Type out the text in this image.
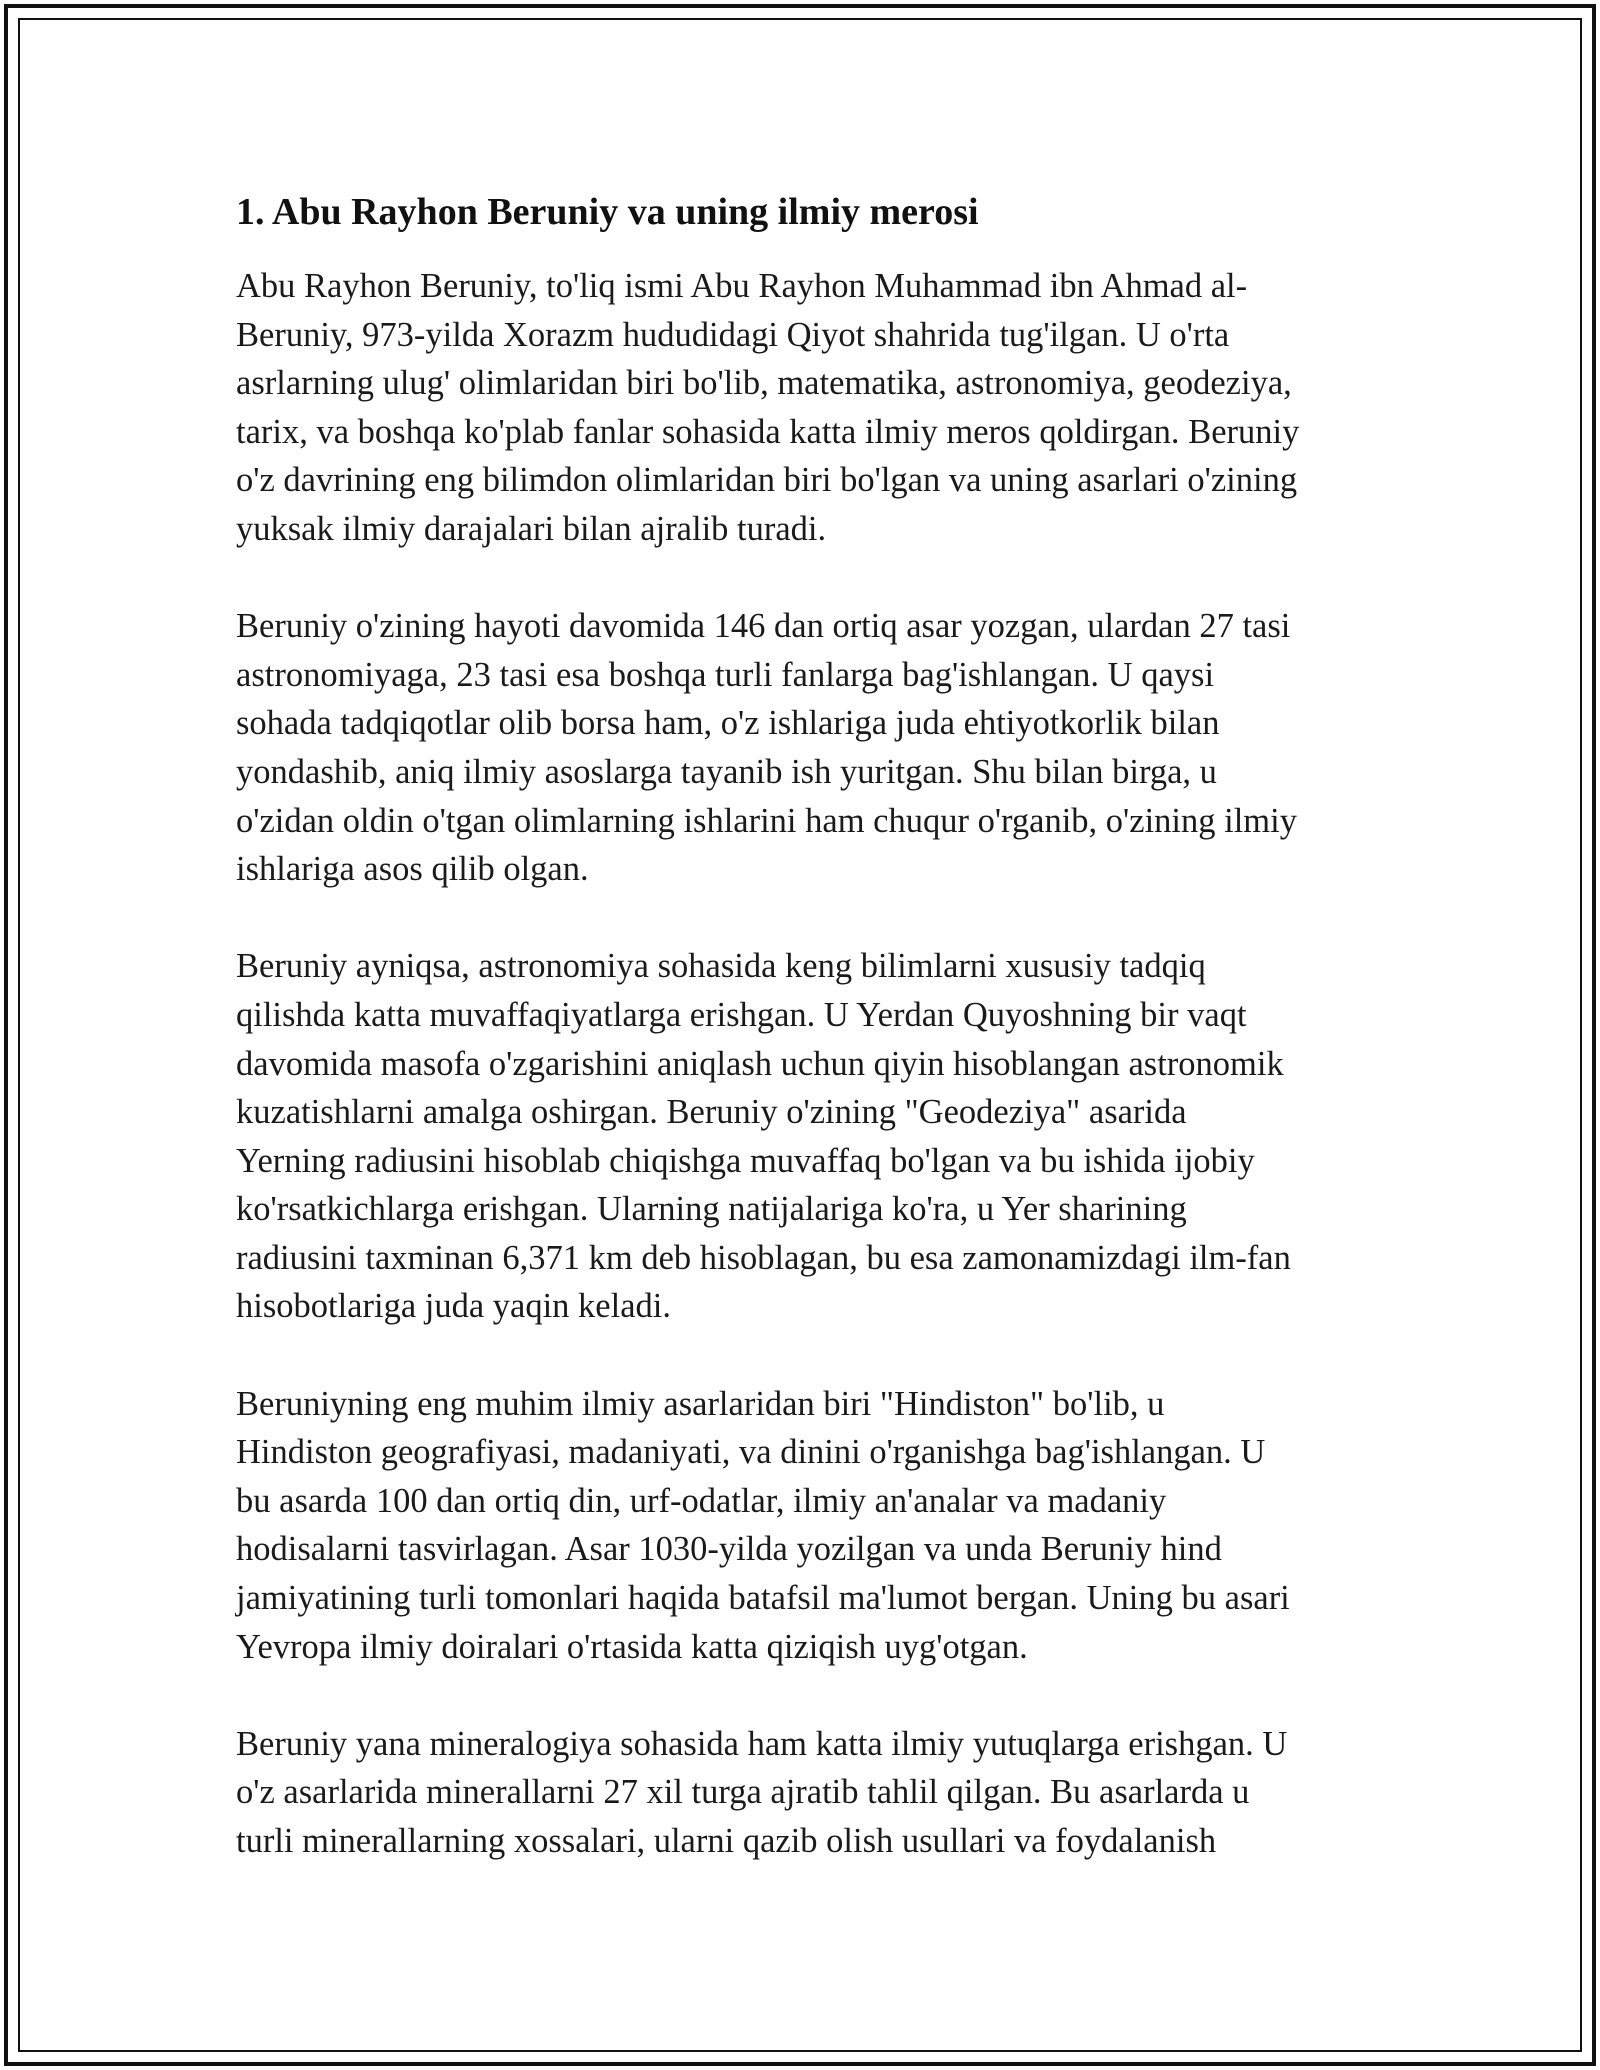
1. Abu Rayhon Beruniy va uning ilmiy merosi

Abu Rayhon Beruniy, to'liq ismi Abu Rayhon Muhammad ibn Ahmad al-
Beruniy, 973-yilda Xorazm hududidagi Qiyot shahrida tug'ilgan. U o'rta
asrlarning ulug' olimlaridan biri bo'lib, matematika, astronomiya, geodeziya,
tarix, va boshqa ko'plab fanlar sohasida katta ilmiy meros qoldirgan. Beruniy
o'z davrining eng bilimdon olimlaridan biri bo'lgan va uning asarlari o'zining
yuksak ilmiy darajalari bilan ajralib turadi.

Beruniy o'zining hayoti davomida 146 dan ortiq asar yozgan, ulardan 27 tasi
astronomiyaga, 23 tasi esa boshqa turli fanlarga bag'ishlangan. U qaysi
sohada tadqiqotlar olib borsa ham, o'z ishlariga juda ehtiyotkorlik bilan
yondashib, aniq ilmiy asoslarga tayanib ish yuritgan. Shu bilan birga, u
o'zidan oldin o'tgan olimlarning ishlarini ham chuqur o'rganib, o'zining ilmiy
ishlariga asos qilib olgan.

Beruniy ayniqsa, astronomiya sohasida keng bilimlarni xususiy tadqiq
qilishda katta muvaffaqiyatlarga erishgan. U Yerdan Quyoshning bir vaqt
davomida masofa o'zgarishini aniqlash uchun qiyin hisoblangan astronomik
kuzatishlarni amalga oshirgan. Beruniy o'zining "Geodeziya" asarida
Yerning radiusini hisoblab chiqishga muvaffaq bo'lgan va bu ishida ijobiy
ko'rsatkichlarga erishgan. Ularning natijalariga ko'ra, u Yer sharining
radiusini taxminan 6,371 km deb hisoblagan, bu esa zamonamizdagi ilm-fan
hisobotlariga juda yaqin keladi.

Beruniyning eng muhim ilmiy asarlaridan biri "Hindiston" bo'lib, u
Hindiston geografiyasi, madaniyati, va dinini o'rganishga bag'ishlangan. U
bu asarda 100 dan ortiq din, urf-odatlar, ilmiy an'analar va madaniy
hodisalarni tasvirlagan. Asar 1030-yilda yozilgan va unda Beruniy hind
jamiyatining turli tomonlari haqida batafsil ma'lumot bergan. Uning bu asari
Yevropa ilmiy doiralari o'rtasida katta qiziqish uyg'otgan.

Beruniy yana mineralogiya sohasida ham katta ilmiy yutuqlarga erishgan. U
o'z asarlarida minerallarni 27 xil turga ajratib tahlil qilgan. Bu asarlarda u
turli minerallarning xossalari, ularni qazib olish usullari va foydalanish
